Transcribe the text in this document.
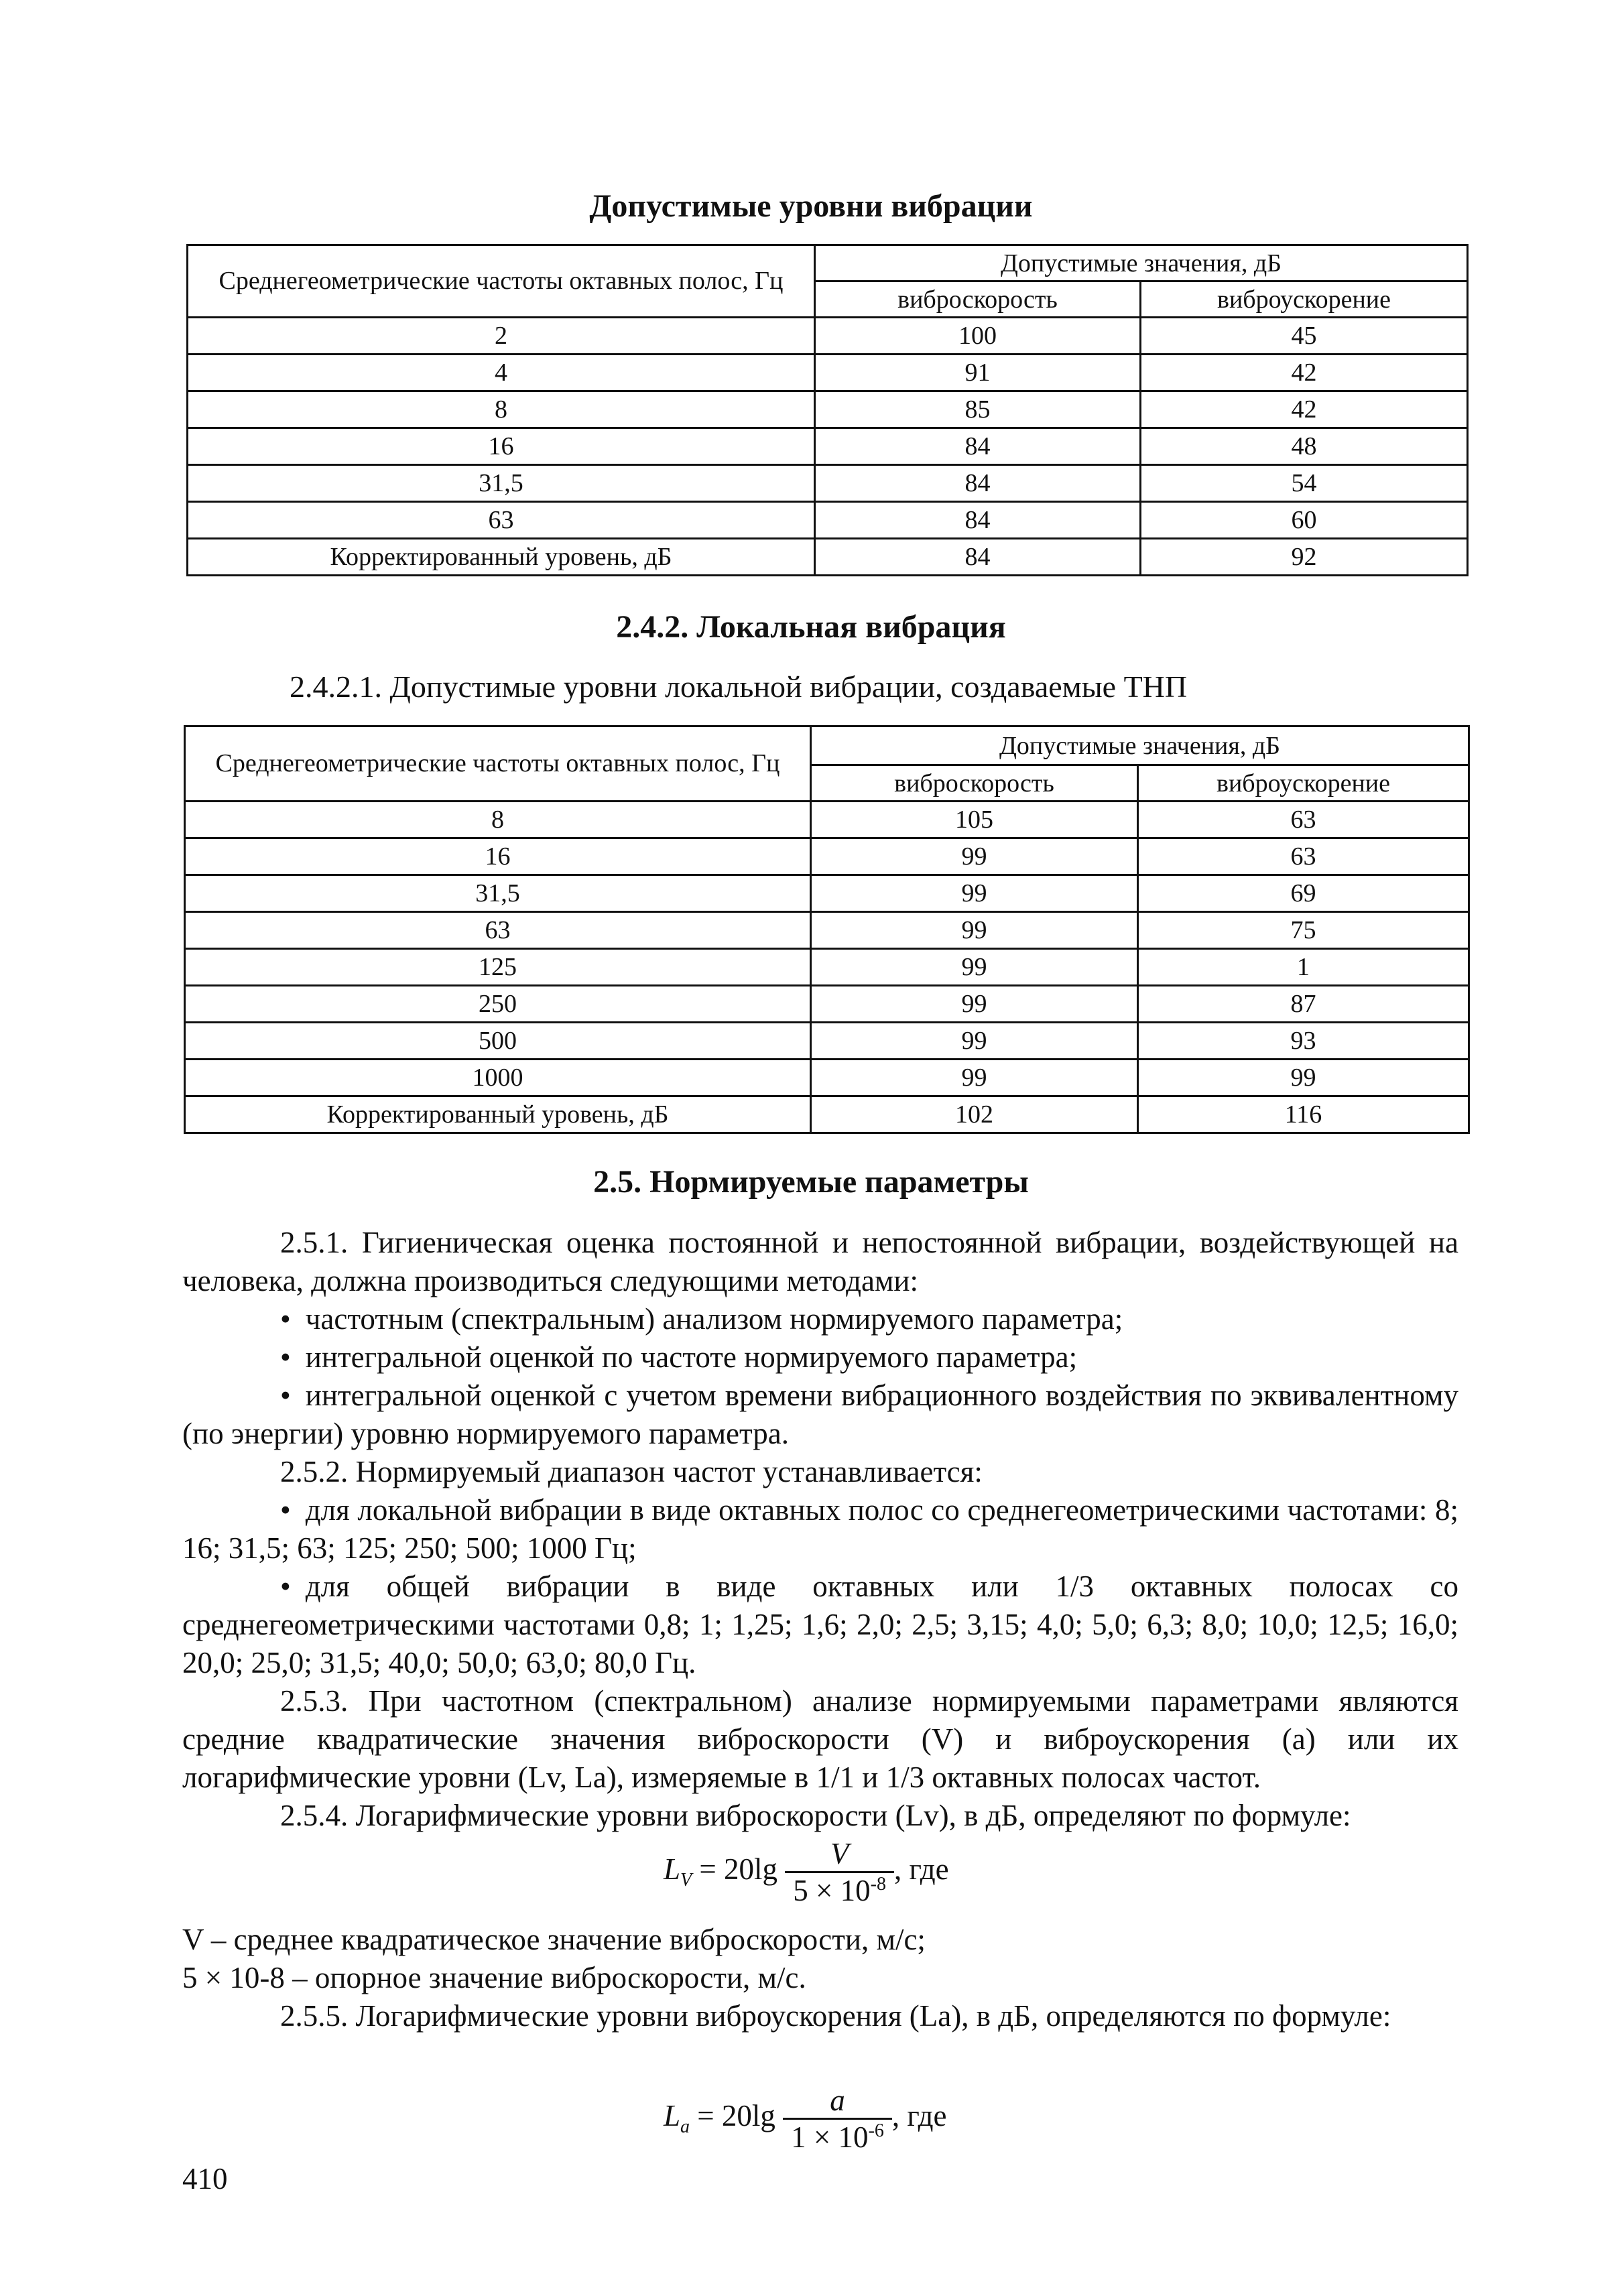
Допустимые уровни вибрации
Среднегеометрические частоты октавных полос, Гц	Допустимые значения, дБ	
	виброскорость	виброускорение
2	100	45
4	91	42
8	85	42
16	84	48
31,5	84	54
63	84	60
Корректированный уровень, дБ	84	92
2.4.2. Локальная вибрация
2.4.2.1. Допустимые уровни локальной вибрации, создаваемые ТНП
Среднегеометрические частоты октавных полос, Гц	Допустимые значения, дБ	
	виброскорость	виброускорение
8	105	63
16	99	63
31,5	99	69
63	99	75
125	99	1
250	99	87
500	99	93
1000	99	99
Корректированный уровень, дБ	102	116
2.5. Нормируемые параметры

2.5.1. Гигиеническая оценка постоянной и непостоянной вибрации, воздействующей на человека, должна производиться следующими методами:

• частотным (спектральным) анализом нормируемого параметра;

• интегральной оценкой по частоте нормируемого параметра;

• интегральной оценкой с учетом времени вибрационного воздействия по эквивалентному (по энергии) уровню нормируемого параметра.

2.5.2. Нормируемый диапазон частот устанавливается:

• для локальной вибрации в виде октавных полос со среднегеометрическими частотами: 8; 16; 31,5; 63; 125; 250; 500; 1000 Гц;

• для общей вибрации в виде октавных или 1/3 октавных полосах со среднегеометрическими частотами 0,8; 1; 1,25; 1,6; 2,0; 2,5; 3,15; 4,0; 5,0; 6,3; 8,0; 10,0; 12,5; 16,0; 20,0; 25,0; 31,5; 40,0; 50,0; 63,0; 80,0 Гц.

2.5.3. При частотном (спектральном) анализе нормируемыми параметрами являются средние квадратические значения виброскорости (V) и виброускорения (a) или их логарифмические уровни (Lv, La), измеряемые в 1/1 и 1/3 октавных полосах частот.

2.5.4. Логарифмические уровни виброскорости (Lv), в дБ, определяют по формуле:

$L_V = 20\lg \frac{V}{5 \times 10^{-8}}$ , где

V – среднее квадратическое значение виброскорости, м/с;

5 × 10-8 – опорное значение виброскорости, м/с.

2.5.5. Логарифмические уровни виброускорения (La), в дБ, определяются по формуле:

$L_a = 20\lg \frac{a}{1 \times 10^{-6}}$ , где
410
